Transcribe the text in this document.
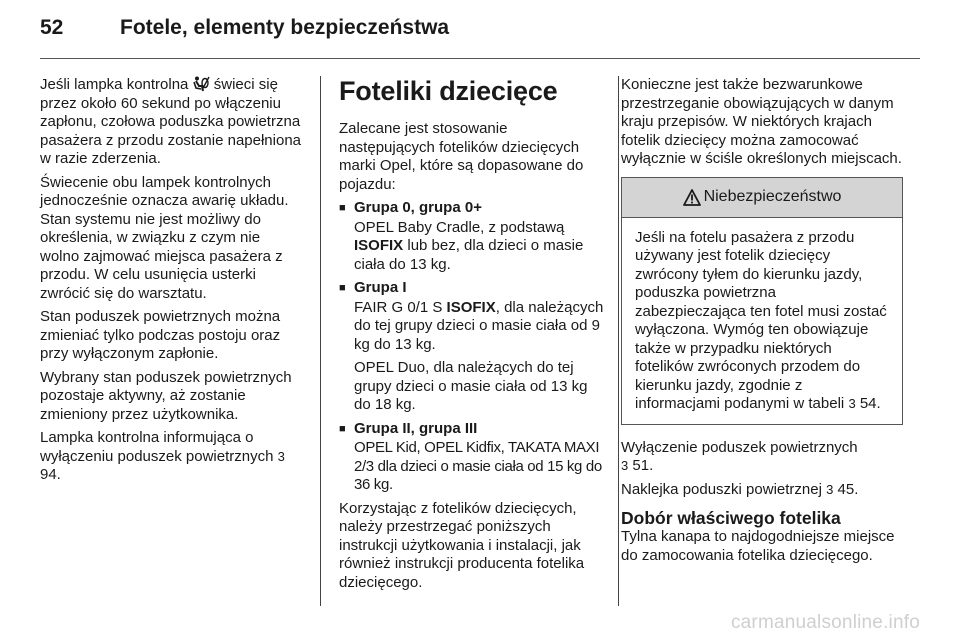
52	Fotele, elementy bezpieczeństwa

Jeśli lampka kontrolna świeci się przez około 60 sekund po włączeniu zapłonu, czołowa poduszka powietrzna pasażera z przodu zostanie napełniona w razie zderzenia.

Świecenie obu lampek kontrolnych jednocześnie oznacza awarię układu. Stan systemu nie jest możliwy do określenia, w związku z czym nie wolno zajmować miejsca pasażera z przodu. W celu usunięcia usterki zwrócić się do warsztatu.

Stan poduszek powietrznych można zmieniać tylko podczas postoju oraz przy wyłączonym zapłonie.

Wybrany stan poduszek powietrznych pozostaje aktywny, aż zostanie zmieniony przez użytkownika.

Lampka kontrolna informująca o wyłączeniu poduszek powietrznych 3 94.

Foteliki dziecięce

Zalecane jest stosowanie następujących fotelików dziecięcych marki Opel, które są dopasowane do pojazdu:

■ Grupa 0, grupa 0+

OPEL Baby Cradle, z podstawą
ISOFIX lub bez, dla dzieci o masie ciała do 13 kg.

■ Grupa I

FAIR G 0/1 S ISOFIX, dla należących do tej grupy dzieci o masie ciała od 9 kg do 13 kg.

OPEL Duo, dla należących do tej grupy dzieci o masie ciała od 13 kg do 18 kg.

■ Grupa II, grupa III

OPEL Kid, OPEL Kidfix, TAKATA MAXI 2/3 dla dzieci o masie ciała od 15 kg do 36 kg.

Korzystając z fotelików dziecięcych, należy przestrzegać poniższych instrukcji użytkowania i instalacji, jak również instrukcji producenta fotelika dziecięcego.

Konieczne jest także bezwarunkowe przestrzeganie obowiązujących w danym kraju przepisów. W niektórych krajach fotelik dziecięcy można zamocować wyłącznie w ściśle określonych miejscach.

Niebezpieczeństwo
Jeśli na fotelu pasażera z przodu używany jest fotelik dziecięcy zwrócony tyłem do kierunku jazdy, poduszka powietrzna zabezpieczająca ten fotel musi zostać wyłączona. Wymóg ten obowiązuje także w przypadku niektórych fotelików zwróconych przodem do kierunku jazdy, zgodnie z informacjami podanymi w tabeli 3 54.

Wyłączenie poduszek powietrznych
3 51.

Naklejka poduszki powietrznej 3 45.

Dobór właściwego fotelika

Tylna kanapa to najdogodniejsze miejsce do zamocowania fotelika dziecięcego.

carmanualsonline.info
